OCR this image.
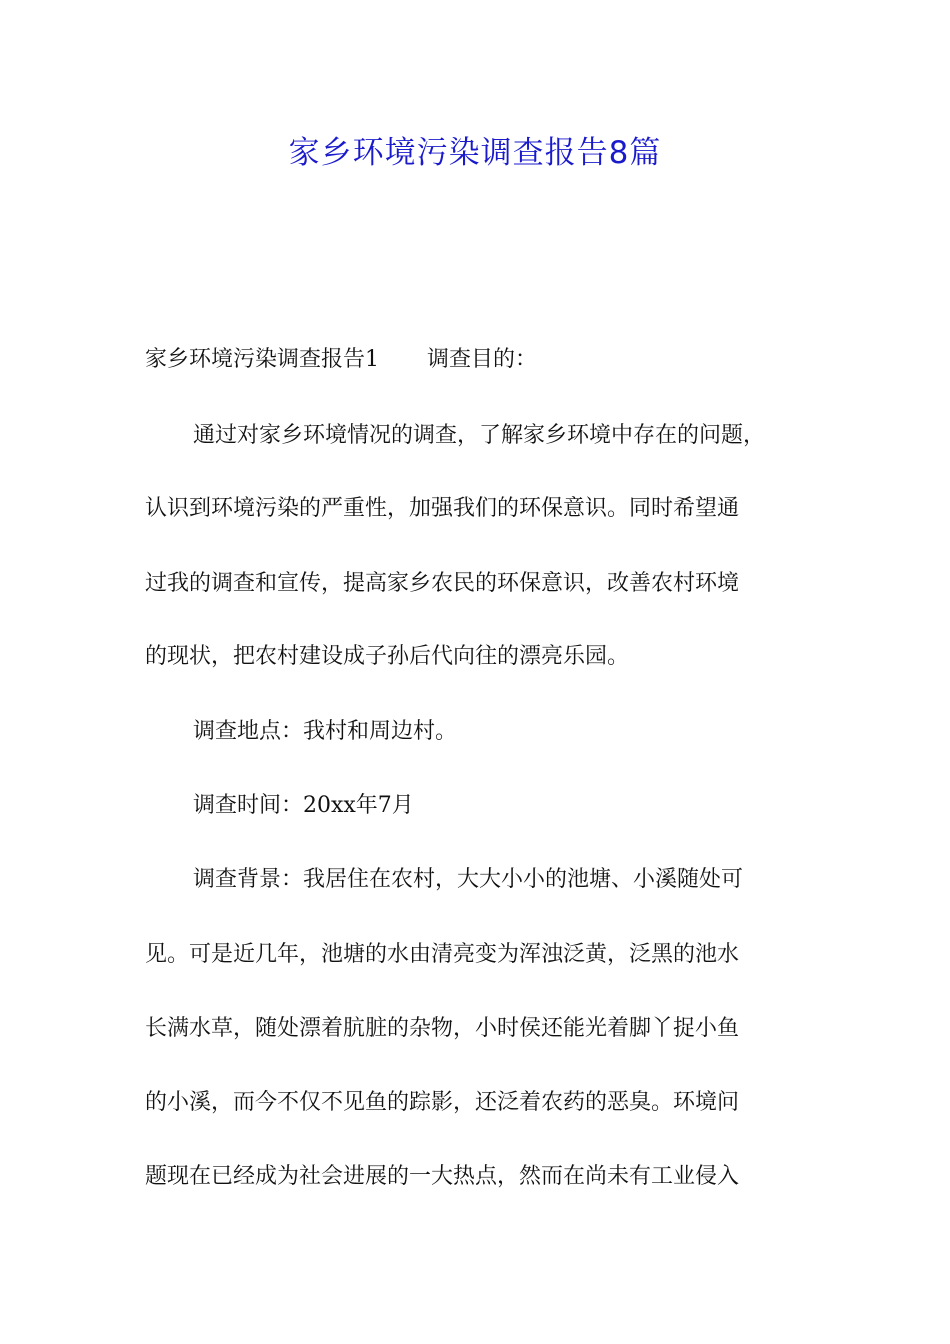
家乡环境污染调查报告8篇

家乡环境污染调查报告1 调查目的：

通过对家乡环境情况的调查，了解家乡环境中存在的问题，

认识到环境污染的严重性，加强我们的环保意识。同时希望通

过我的调查和宣传，提高家乡农民的环保意识，改善农村环境

的现状，把农村建设成子孙后代向往的漂亮乐园。

调查地点：我村和周边村。

调查时间：20xx年7月

调查背景：我居住在农村，大大小小的池塘、小溪随处可

见。可是近几年，池塘的水由清亮变为浑浊泛黄，泛黑的池水

长满水草，随处漂着肮脏的杂物，小时侯还能光着脚丫捉小鱼

的小溪，而今不仅不见鱼的踪影，还泛着农药的恶臭。环境问

题现在已经成为社会进展的一大热点，然而在尚未有工业侵入
